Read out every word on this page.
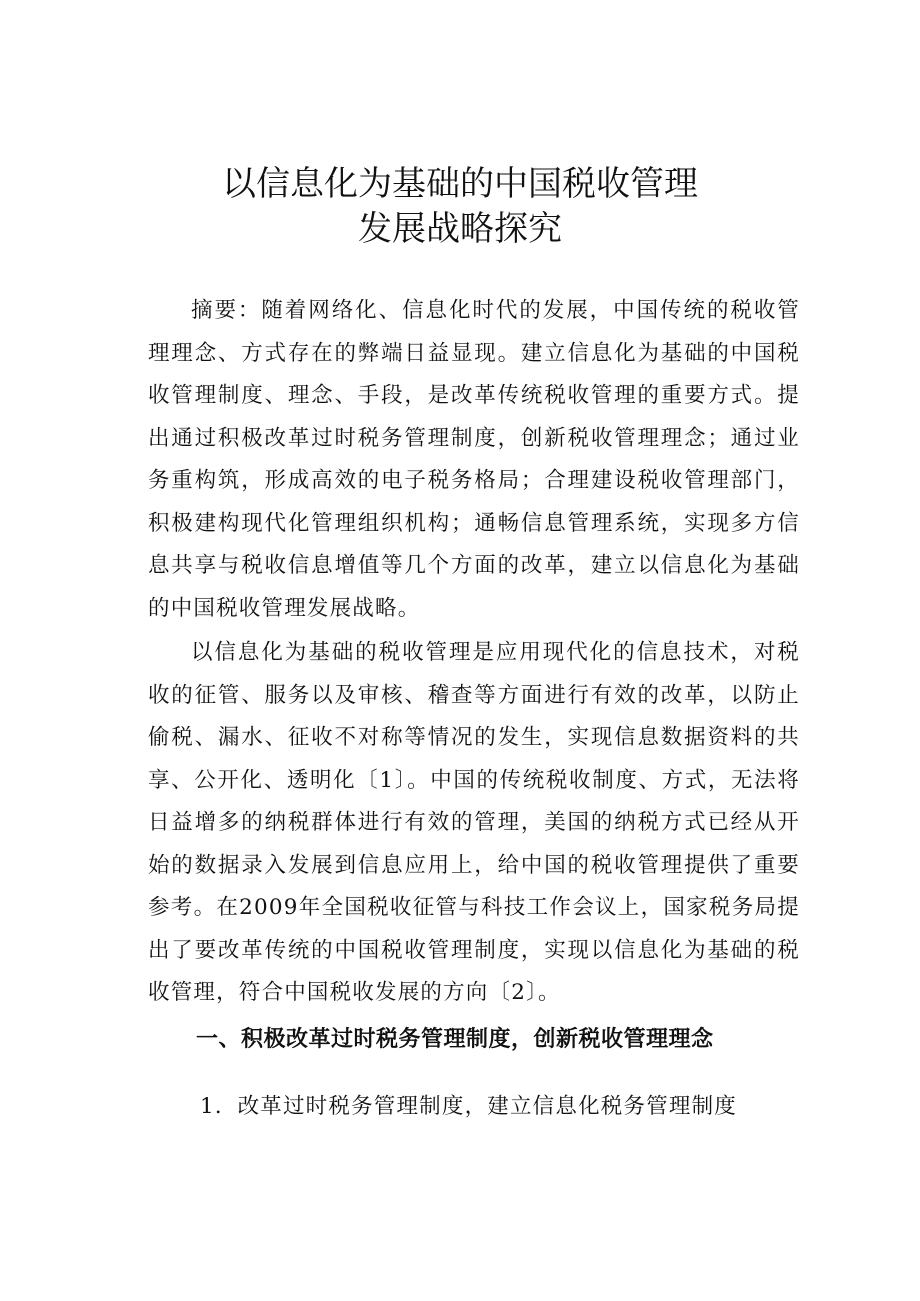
以信息化为基础的中国税收管理
发展战略探究

摘要：随着网络化、信息化时代的发展，中国传统的税收管理理念、方式存在的弊端日益显现。建立信息化为基础的中国税收管理制度、理念、手段，是改革传统税收管理的重要方式。提出通过积极改革过时税务管理制度，创新税收管理理念；通过业务重构筑，形成高效的电子税务格局；合理建设税收管理部门，积极建构现代化管理组织机构；通畅信息管理系统，实现多方信息共享与税收信息增值等几个方面的改革，建立以信息化为基础的中国税收管理发展战略。

以信息化为基础的税收管理是应用现代化的信息技术，对税收的征管、服务以及审核、稽查等方面进行有效的改革，以防止偷税、漏水、征收不对称等情况的发生，实现信息数据资料的共享、公开化、透明化〔1〕。中国的传统税收制度、方式，无法将日益增多的纳税群体进行有效的管理，美国的纳税方式已经从开始的数据录入发展到信息应用上，给中国的税收管理提供了重要参考。在2009年全国税收征管与科技工作会议上，国家税务局提出了要改革传统的中国税收管理制度，实现以信息化为基础的税收管理，符合中国税收发展的方向〔2〕。

一、积极改革过时税务管理制度，创新税收管理理念

1．改革过时税务管理制度，建立信息化税务管理制度
